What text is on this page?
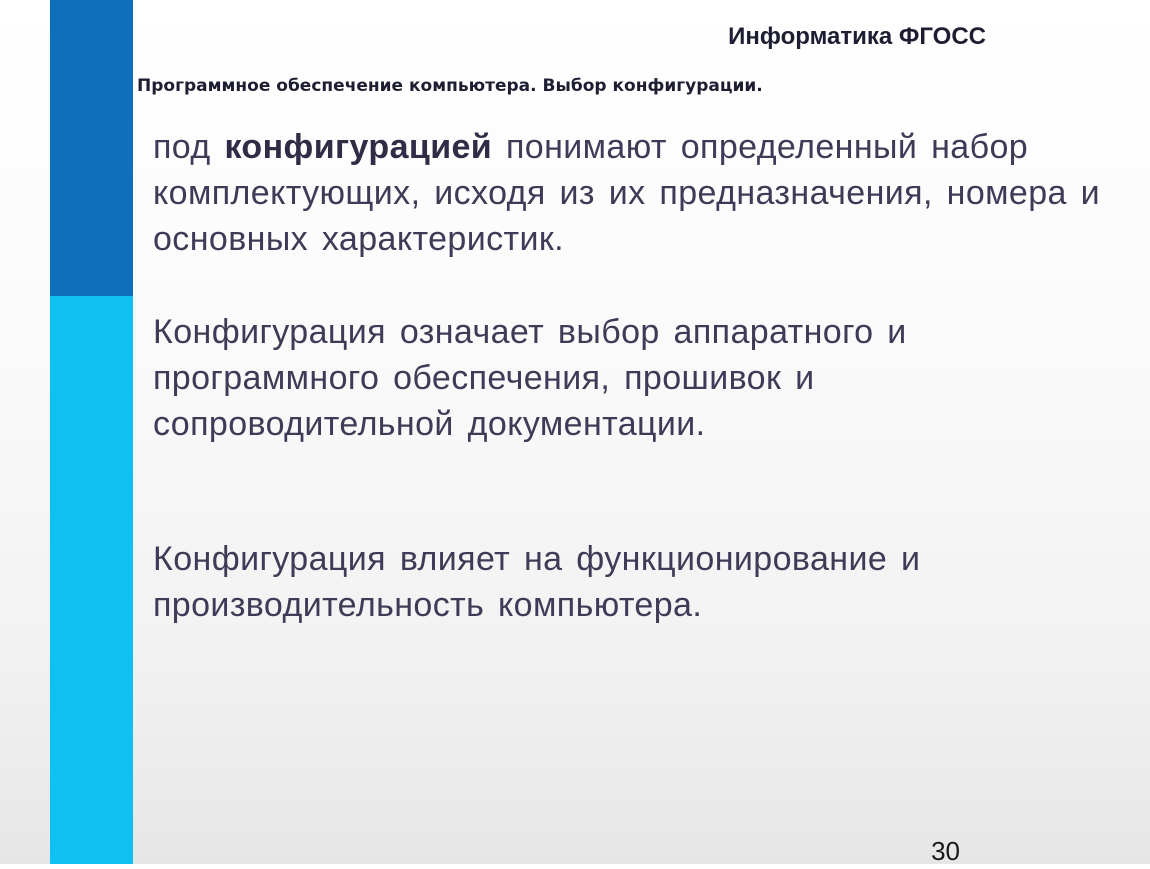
Информатика ФГОСС
Программное обеспечение компьютера. Выбор конфигурации.
под конфигурацией понимают определенный набор комплектующих, исходя из их предназначения, номера и основных характеристик.
Конфигурация означает выбор аппаратного и программного обеспечения, прошивок и сопроводительной документации.
Конфигурация влияет на функционирование и производительность компьютера.
30
